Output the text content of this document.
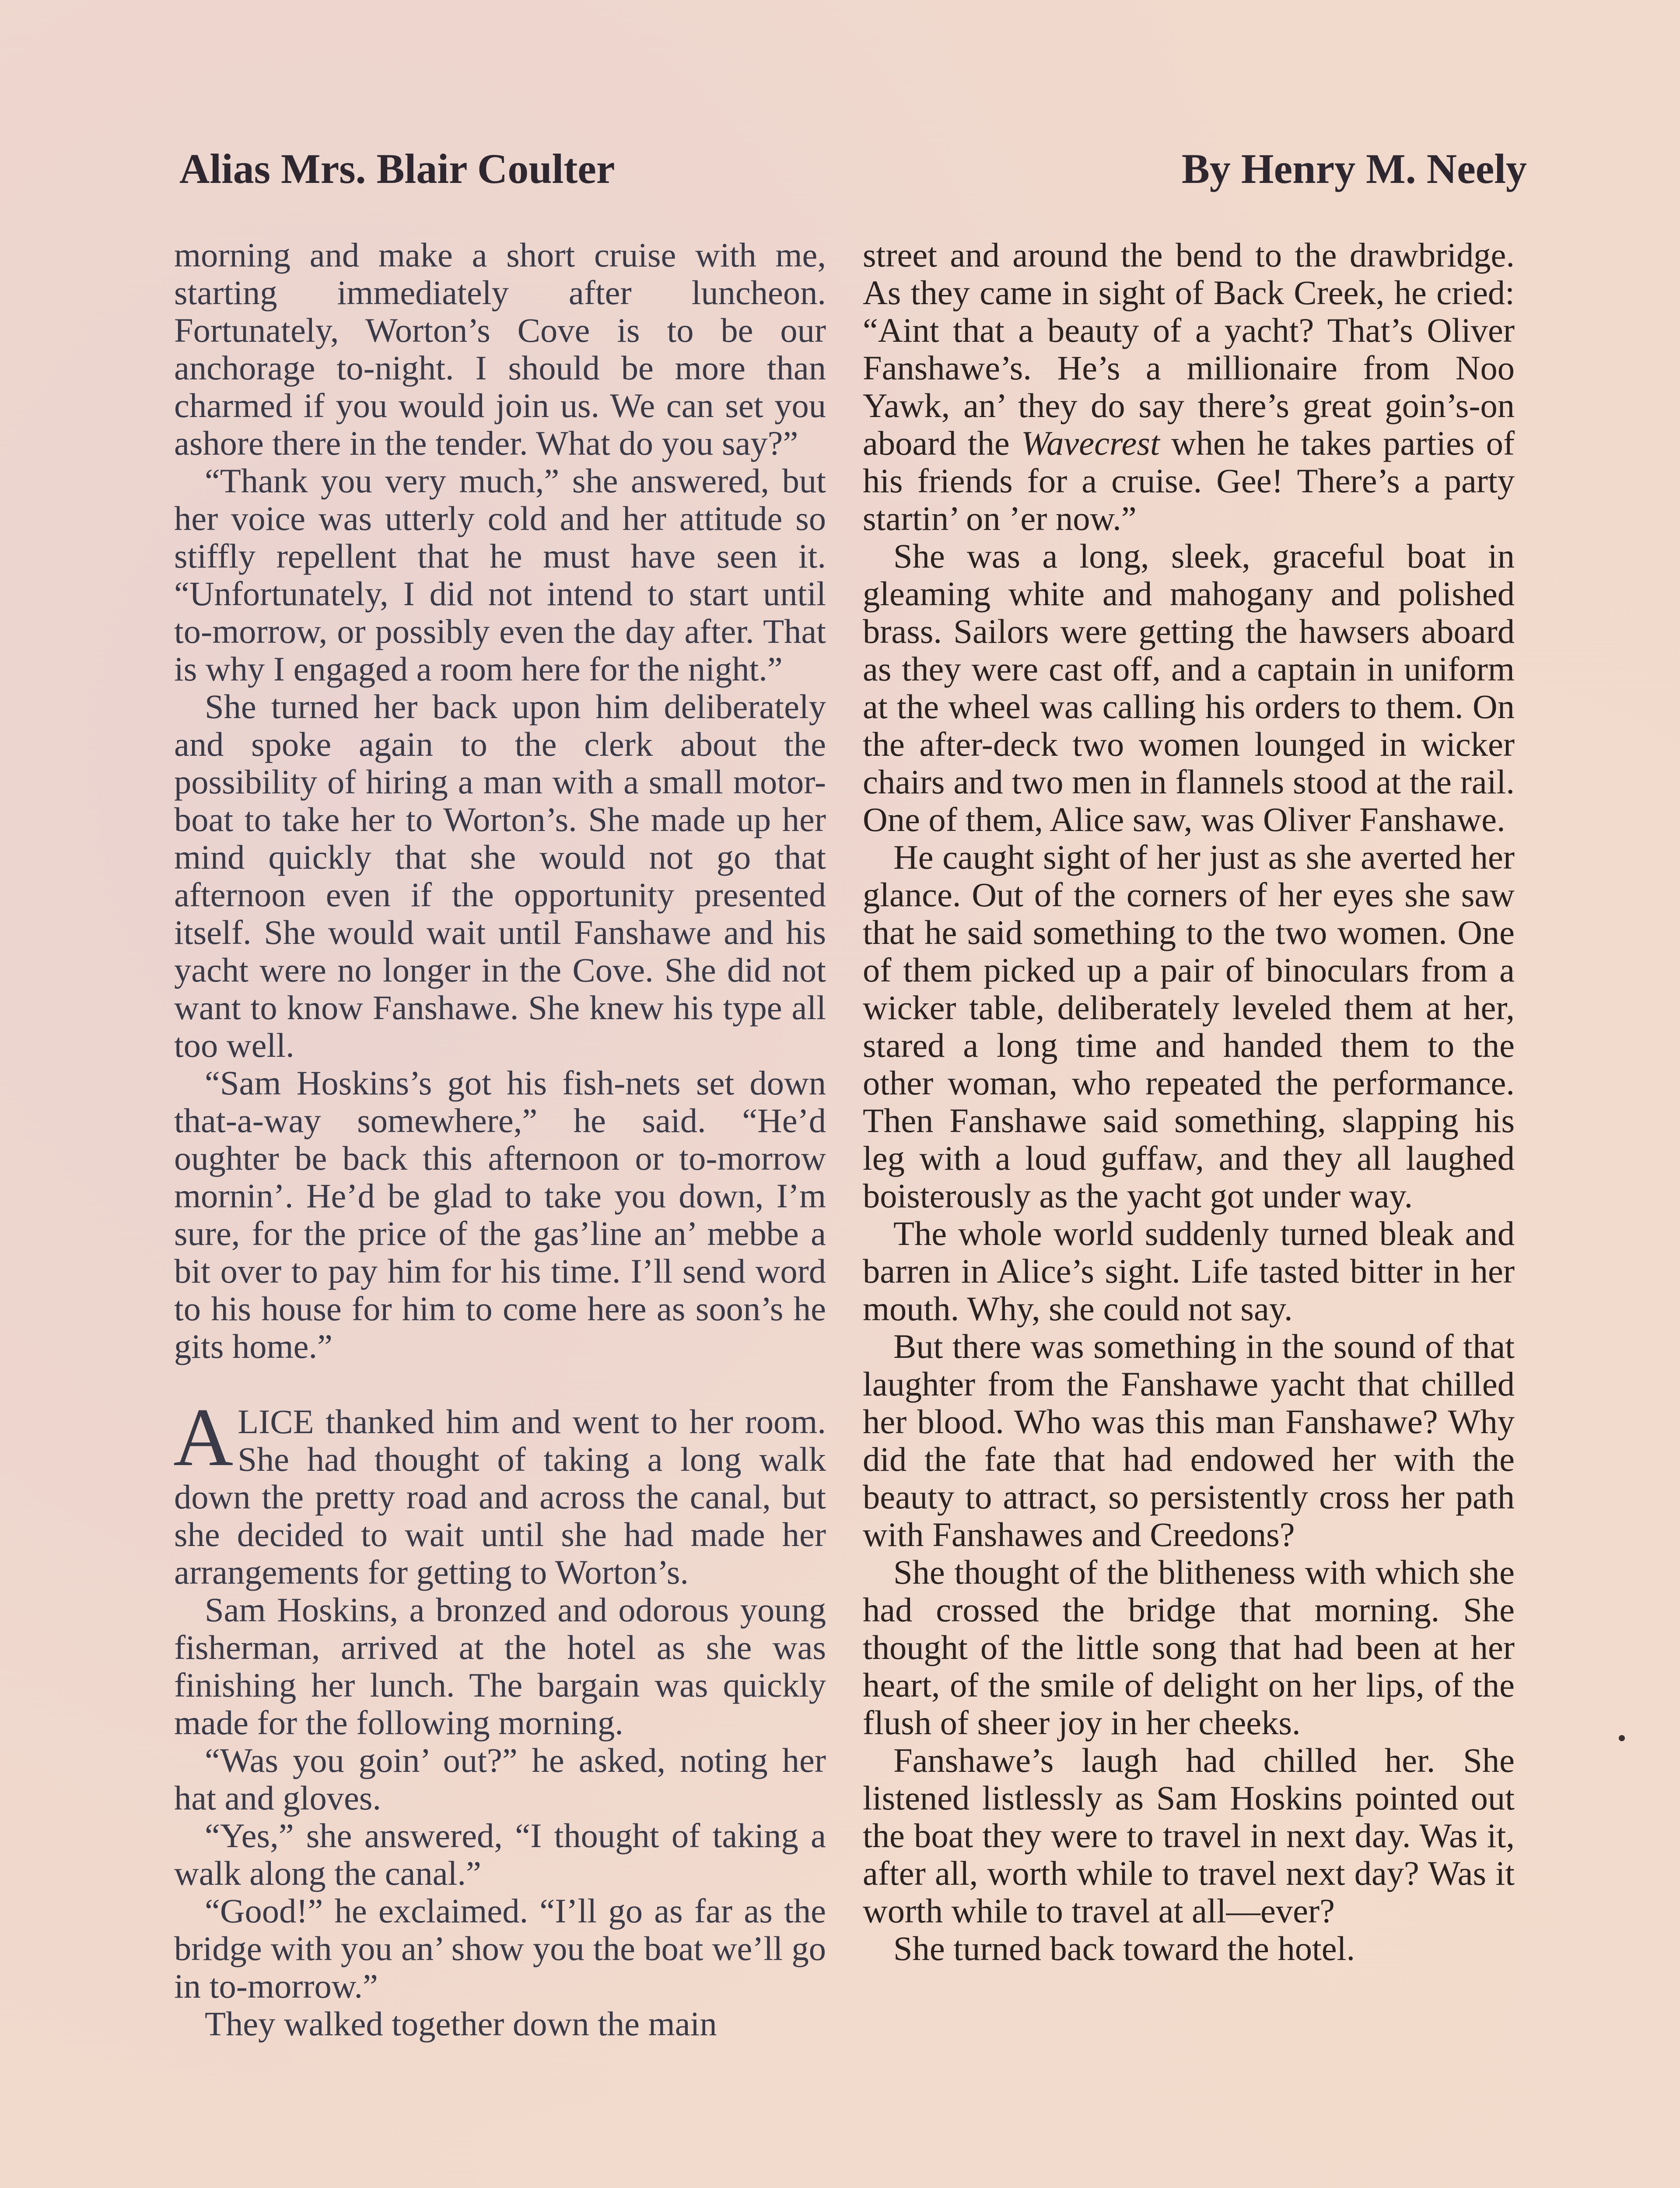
Alias Mrs. Blair Coulter	By Henry M. Neely

morning and make a short cruise with me, starting immediately after luncheon. Fortunately, Worton’s Cove is to be our anchorage to-night. I should be more than charmed if you would join us. We can set you ashore there in the tender. What do you say?”

“Thank you very much,” she answered, but her voice was utterly cold and her attitude so stiffly repellent that he must have seen it. “Unfortunately, I did not intend to start until to-morrow, or possibly even the day after. That is why I engaged a room here for the night.”

She turned her back upon him deliberately and spoke again to the clerk about the possibility of hiring a man with a small motor-boat to take her to Worton’s. She made up her mind quickly that she would not go that afternoon even if the opportunity presented itself. She would wait until Fanshawe and his yacht were no longer in the Cove. She did not want to know Fanshawe. She knew his type all too well.

“Sam Hoskins’s got his fish-nets set down that-a-way somewhere,” he said. “He’d oughter be back this afternoon or to-morrow mornin’. He’d be glad to take you down, I’m sure, for the price of the gas’line an’ mebbe a bit over to pay him for his time. I’ll send word to his house for him to come here as soon’s he gits home.”

ALICE thanked him and went to her room. She had thought of taking a long walk down the pretty road and across the canal, but she decided to wait until she had made her arrangements for getting to Worton’s.

Sam Hoskins, a bronzed and odorous young fisherman, arrived at the hotel as she was finishing her lunch. The bargain was quickly made for the following morning.

“Was you goin’ out?” he asked, noting her hat and gloves.

“Yes,” she answered, “I thought of taking a walk along the canal.”

“Good!” he exclaimed. “I’ll go as far as the bridge with you an’ show you the boat we’ll go in to-morrow.”

They walked together down the main

street and around the bend to the drawbridge. As they came in sight of Back Creek, he cried: “Aint that a beauty of a yacht? That’s Oliver Fanshawe’s. He’s a millionaire from Noo Yawk, an’ they do say there’s great goin’s-on aboard the Wavecrest when he takes parties of his friends for a cruise. Gee! There’s a party startin’ on ’er now.”

She was a long, sleek, graceful boat in gleaming white and mahogany and polished brass. Sailors were getting the hawsers aboard as they were cast off, and a captain in uniform at the wheel was calling his orders to them. On the after-deck two women lounged in wicker chairs and two men in flannels stood at the rail. One of them, Alice saw, was Oliver Fanshawe.

He caught sight of her just as she averted her glance. Out of the corners of her eyes she saw that he said something to the two women. One of them picked up a pair of binoculars from a wicker table, deliberately leveled them at her, stared a long time and handed them to the other woman, who repeated the performance. Then Fanshawe said something, slapping his leg with a loud guffaw, and they all laughed boisterously as the yacht got under way.

The whole world suddenly turned bleak and barren in Alice’s sight. Life tasted bitter in her mouth. Why, she could not say.

But there was something in the sound of that laughter from the Fanshawe yacht that chilled her blood. Who was this man Fanshawe? Why did the fate that had endowed her with the beauty to attract, so persistently cross her path with Fanshawes and Creedons?

She thought of the blitheness with which she had crossed the bridge that morning. She thought of the little song that had been at her heart, of the smile of delight on her lips, of the flush of sheer joy in her cheeks.

Fanshawe’s laugh had chilled her. She listened listlessly as Sam Hoskins pointed out the boat they were to travel in next day. Was it, after all, worth while to travel next day? Was it worth while to travel at all—ever?

She turned back toward the hotel.
